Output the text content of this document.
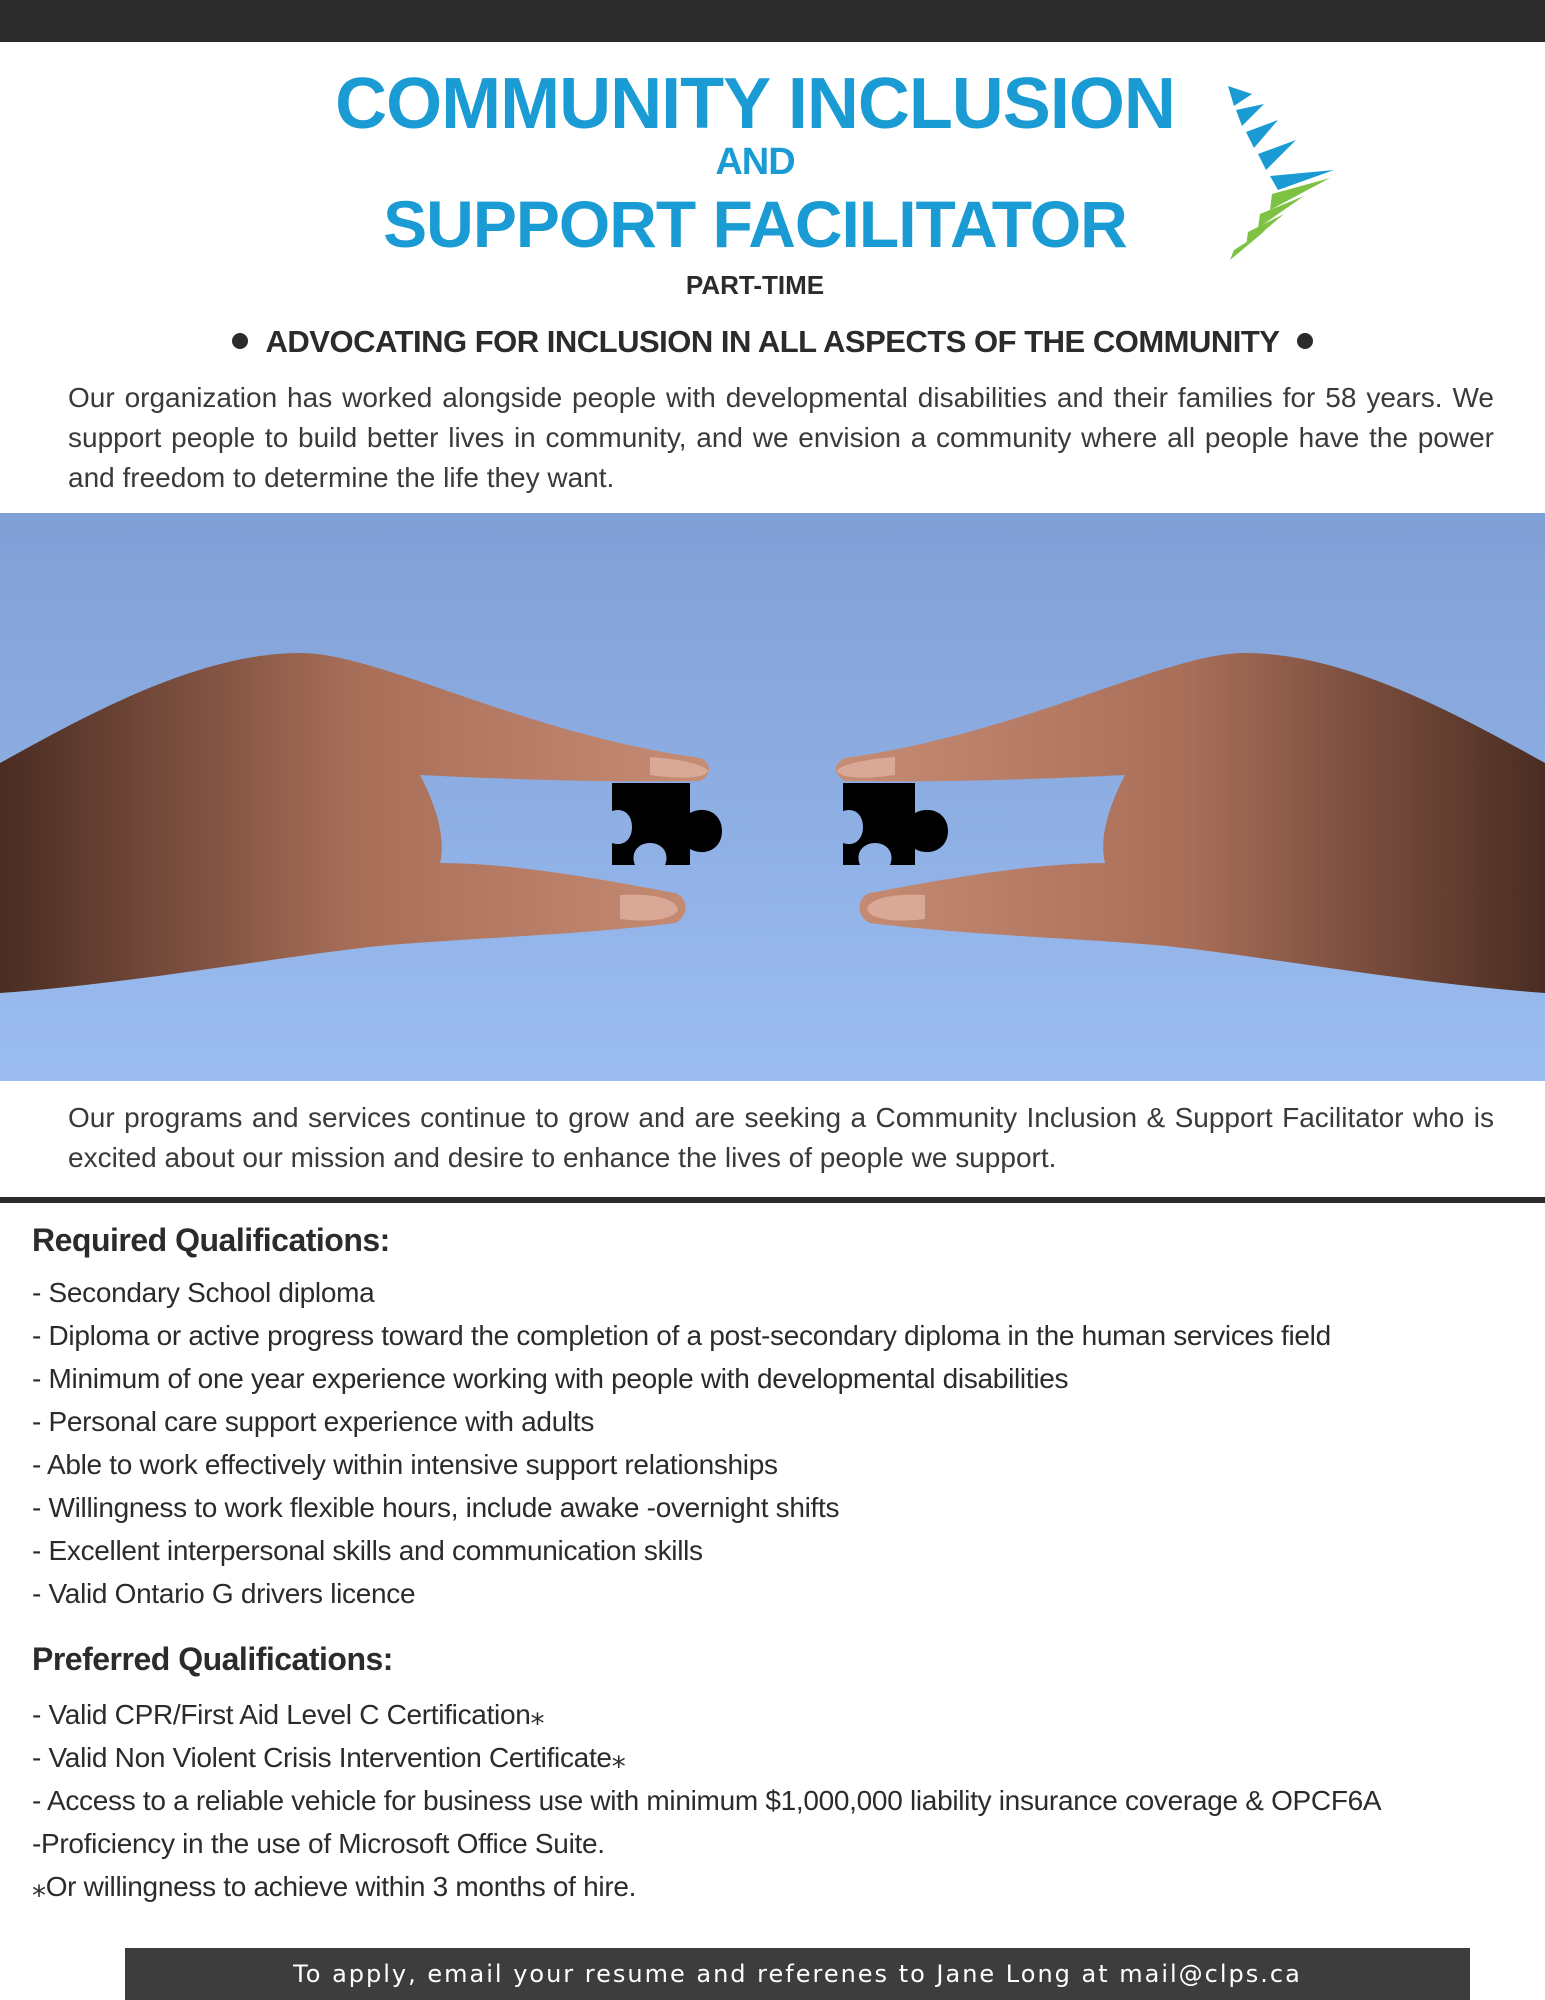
COMMUNITY INCLUSION
AND
SUPPORT FACILITATOR
PART-TIME
ADVOCATING FOR INCLUSION IN ALL ASPECTS OF THE COMMUNITY
Our organization has worked alongside people with developmental disabilities and their families for 58 years. We support people to build better lives in community, and we envision a community where all people have the power and freedom to determine the life they want.
Our programs and services continue to grow and are seeking a Community Inclusion & Support Facilitator who is excited about our mission and desire to enhance the lives of people we support.
Required Qualifications:
- Secondary School diploma
- Diploma or active progress toward the completion of a post-secondary diploma in the human services field
- Minimum of one year experience working with people with developmental disabilities
- Personal care support experience with adults
- Able to work effectively within intensive support relationships
- Willingness to work flexible hours, include awake -overnight shifts
- Excellent interpersonal skills and communication skills
- Valid Ontario G drivers licence
Preferred Qualifications:
- Valid CPR/First Aid Level C Certification⁎
- Valid Non Violent Crisis Intervention Certificate⁎
- Access to a reliable vehicle for business use with minimum $1,000,000 liability insurance coverage & OPCF6A
-Proficiency in the use of Microsoft Office Suite.
⁎Or willingness to achieve within 3 months of hire.
To apply, email your resume and referenes to Jane Long at mail@clps.ca
